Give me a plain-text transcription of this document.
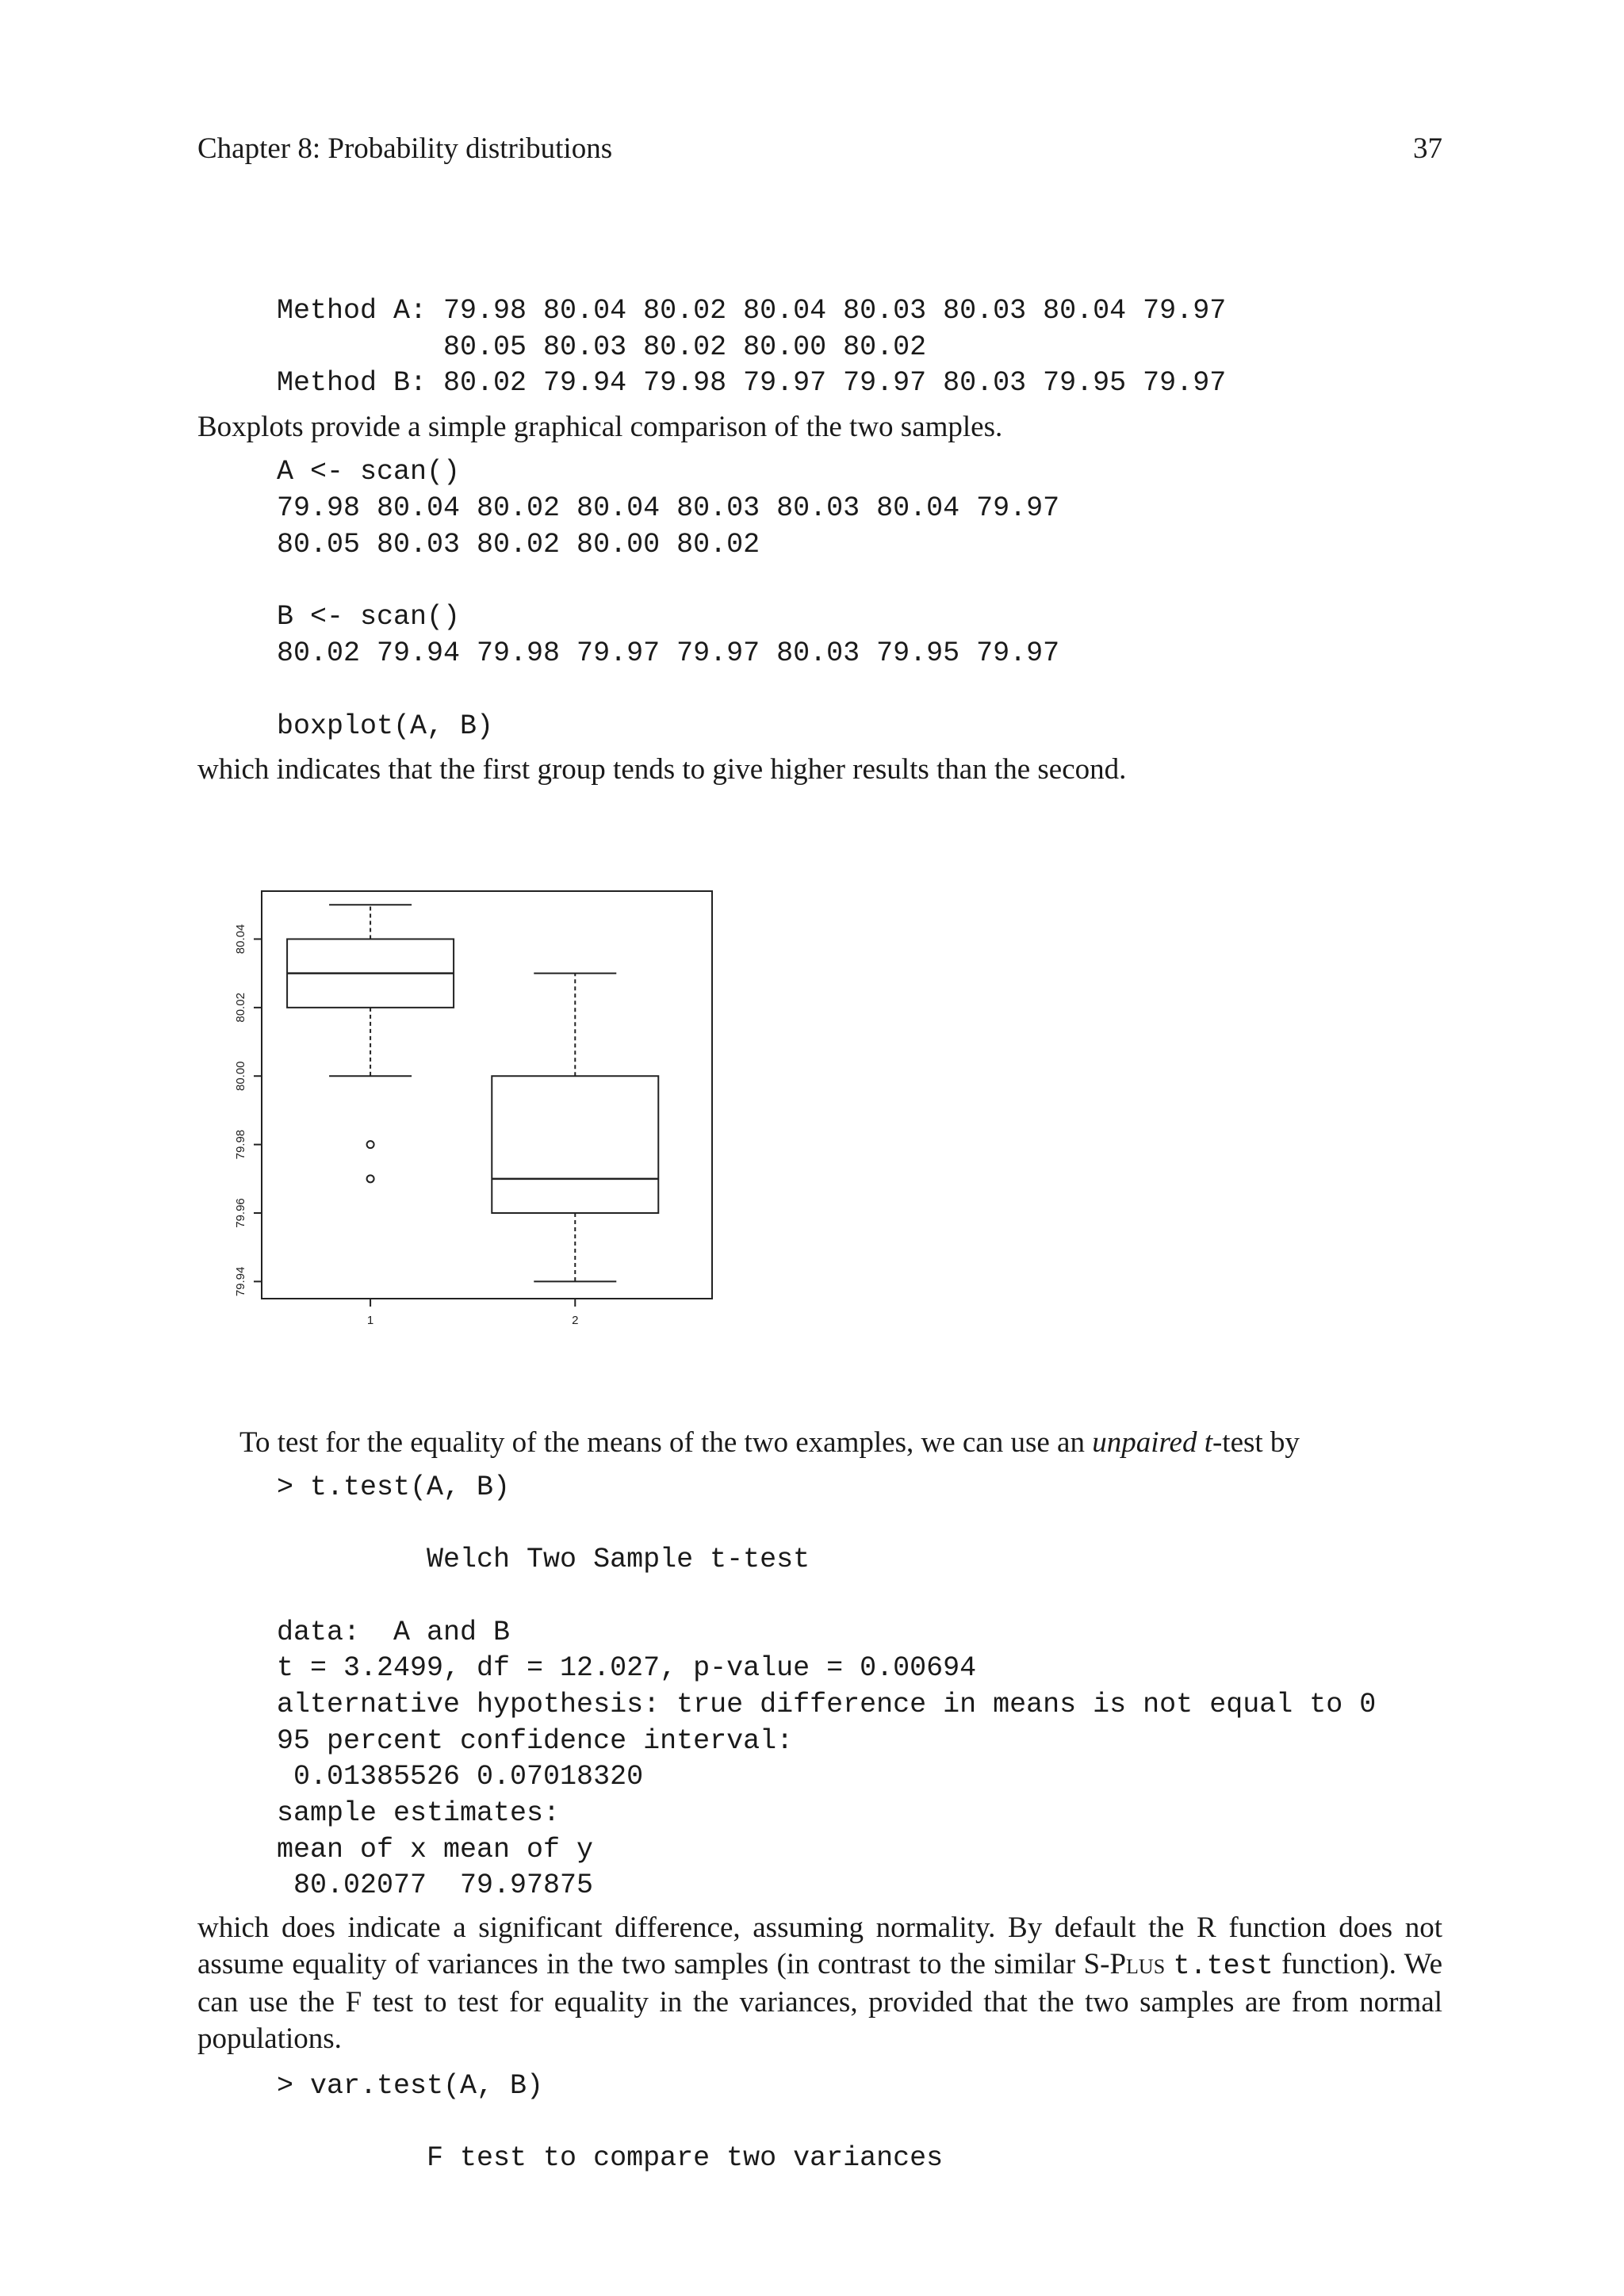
Chapter 8: Probability distributions	37
Method A: 79.98 80.04 80.02 80.04 80.03 80.03 80.04 79.97
80.05 80.03 80.02 80.00 80.02
Method B: 80.02 79.94 79.98 79.97 79.97 80.03 79.95 79.97
Boxplots provide a simple graphical comparison of the two samples.
A <- scan()
79.98 80.04 80.02 80.04 80.03 80.03 80.04 79.97
80.05 80.03 80.02 80.00 80.02
B <- scan()
80.02 79.94 79.98 79.97 79.97 80.03 79.95 79.97
boxplot(A, B)
which indicates that the first group tends to give higher results than the second.
79.94
79.96
79.98
80.00
80.02
80.04
1	2
To test for the equality of the means of the two examples, we can use an unpaired t-test by
> t.test(A, B)
Welch Two Sample t-test
data:  A and B
t = 3.2499, df = 12.027, p-value = 0.00694
alternative hypothesis: true difference in means is not equal to 0
95 percent confidence interval:
0.01385526 0.07018320
sample estimates:
mean of x mean of y
80.02077  79.97875
which does indicate a significant difference, assuming normality. By default the R function does not assume equality of variances in the two samples (in contrast to the similar S-Plus t.test function). We can use the F test to test for equality in the variances, provided that the two samples are from normal populations.
> var.test(A, B)
F test to compare two variances
